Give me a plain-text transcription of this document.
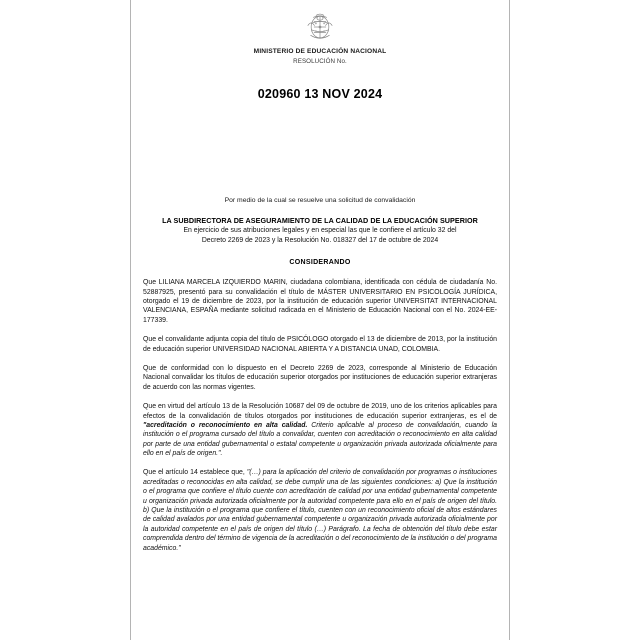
MINISTERIO DE EDUCACIÓN NACIONAL
RESOLUCIÓN No.
020960 13 NOV 2024
Por medio de la cual se resuelve una solicitud de convalidación
LA SUBDIRECTORA DE ASEGURAMIENTO DE LA CALIDAD DE LA EDUCACIÓN SUPERIOR
En ejercicio de sus atribuciones legales y en especial las que le confiere el artículo 32 del
Decreto 2269 de 2023 y la Resolución No. 018327 del 17 de octubre de 2024
CONSIDERANDO

Que LILIANA MARCELA IZQUIERDO MARIN, ciudadana colombiana, identificada con cédula de ciudadanía No. 52887925, presentó para su convalidación el título de MÁSTER UNIVERSITARIO EN PSICOLOGÍA JURÍDICA, otorgado el 19 de diciembre de 2023, por la institución de educación superior UNIVERSITAT INTERNACIONAL VALENCIANA, ESPAÑA mediante solicitud radicada en el Ministerio de Educación Nacional con el No. 2024-EE-177339.

Que el convalidante adjunta copia del título de PSICÓLOGO otorgado el 13 de diciembre de 2013, por la institución de educación superior UNIVERSIDAD NACIONAL ABIERTA Y A DISTANCIA UNAD, COLOMBIA.

Que de conformidad con lo dispuesto en el Decreto 2269 de 2023, corresponde al Ministerio de Educación Nacional convalidar los títulos de educación superior otorgados por instituciones de educación superior extranjeras de acuerdo con las normas vigentes.

Que en virtud del artículo 13 de la Resolución 10687 del 09 de octubre de 2019, uno de los criterios aplicables para efectos de la convalidación de títulos otorgados por instituciones de educación superior extranjeras, es el de "acreditación o reconocimiento en alta calidad. Criterio aplicable al proceso de convalidación, cuando la institución o el programa cursado del título a convalidar, cuenten con acreditación o reconocimiento en alta calidad por parte de una entidad gubernamental o estatal competente u organización privada autorizada oficialmente para ello en el país de origen.".

Que el artículo 14 establece que, "(…) para la aplicación del criterio de convalidación por programas o instituciones acreditadas o reconocidas en alta calidad, se debe cumplir una de las siguientes condiciones: a) Que la institución o el programa que confiere el título cuente con acreditación de calidad por una entidad gubernamental competente u organización privada autorizada oficialmente por la autoridad competente para ello en el país de origen del título. b) Que la institución o el programa que confiere el título, cuenten con un reconocimiento oficial de altos estándares de calidad avalados por una entidad gubernamental competente u organización privada autorizada oficialmente por la autoridad competente en el país de origen del título (…) Parágrafo. La fecha de obtención del título debe estar comprendida dentro del término de vigencia de la acreditación o del reconocimiento de la institución o del programa académico."
